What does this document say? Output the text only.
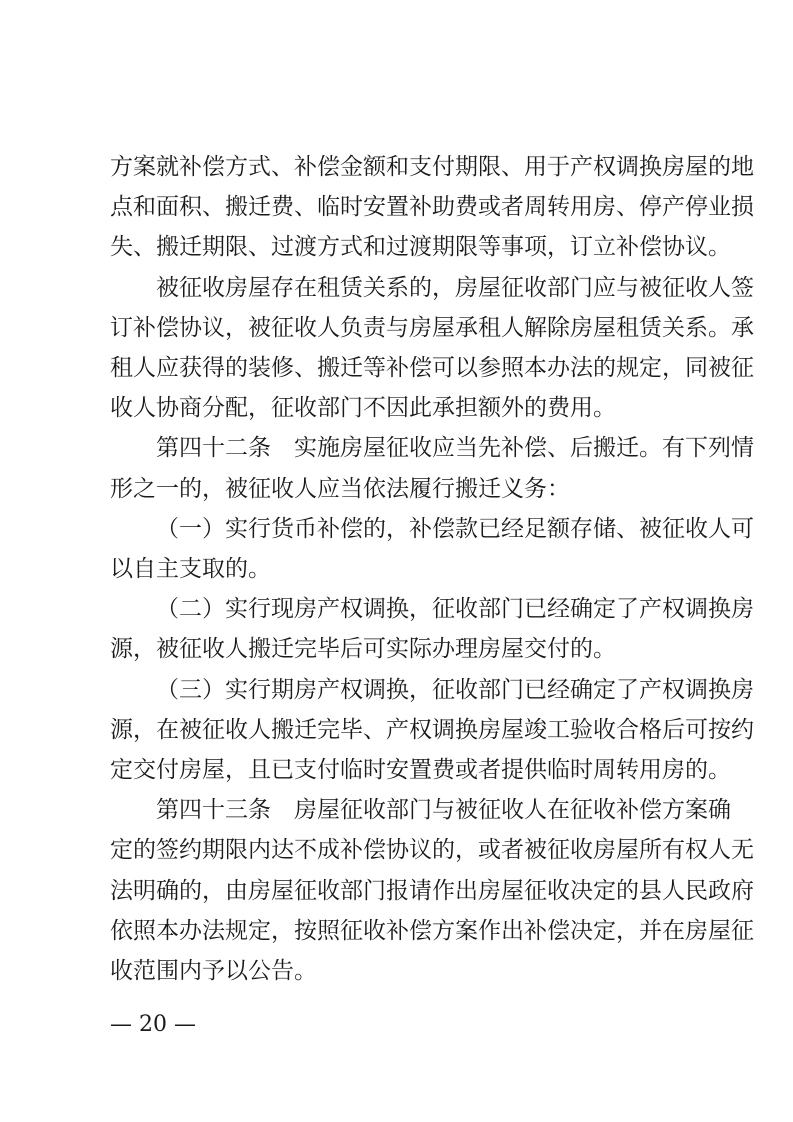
— 20 —
方案就补偿方式、补偿金额和支付期限、用于产权调换房屋的地
点和面积、搬迁费、临时安置补助费或者周转用房、停产停业损
失、搬迁期限、过渡方式和过渡期限等事项，订立补偿协议。
被征收房屋存在租赁关系的，房屋征收部门应与被征收人签
订补偿协议，被征收人负责与房屋承租人解除房屋租赁关系。承
租人应获得的装修、搬迁等补偿可以参照本办法的规定，同被征
收人协商分配，征收部门不因此承担额外的费用。
第四十二条　实施房屋征收应当先补偿、后搬迁。有下列情
形之一的，被征收人应当依法履行搬迁义务：
（一）实行货币补偿的，补偿款已经足额存储、被征收人可
以自主支取的。
（二）实行现房产权调换，征收部门已经确定了产权调换房
源，被征收人搬迁完毕后可实际办理房屋交付的。
（三）实行期房产权调换，征收部门已经确定了产权调换房
源，在被征收人搬迁完毕、产权调换房屋竣工验收合格后可按约
定交付房屋，且已支付临时安置费或者提供临时周转用房的。
第四十三条　房屋征收部门与被征收人在征收补偿方案确
定的签约期限内达不成补偿协议的，或者被征收房屋所有权人无
法明确的，由房屋征收部门报请作出房屋征收决定的县人民政府
依照本办法规定，按照征收补偿方案作出补偿决定，并在房屋征
收范围内予以公告。
